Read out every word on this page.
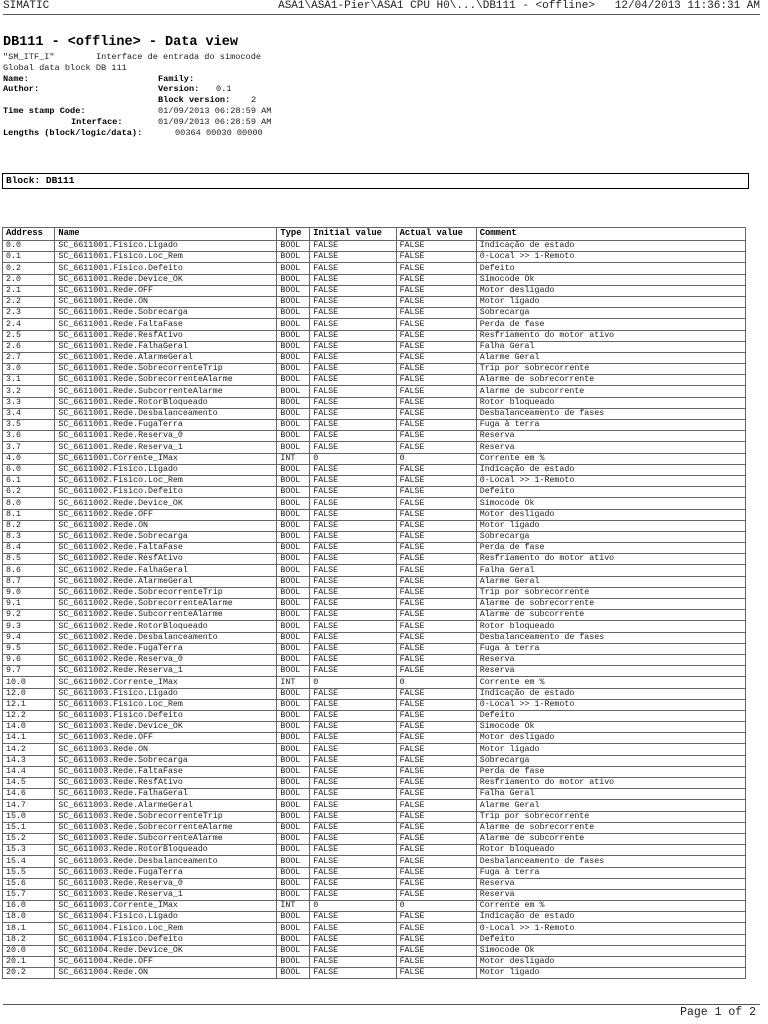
SIMATIC	ASA1\ASA1-Pier\ASA1 CPU H0\...\DB111 - <offline> 12/04/2013 11:36:31 AM
DB111 - <offline> - Data view
"SM_ITF_I"	Interface de entrada do simocode
Global data block DB 111
Name:	Family:
Author:	Version: 0.1
Block version: 2
Time stamp Code:	01/09/2013 06:28:59 AM
Interface:	01/09/2013 06:28:59 AM
Lengths (block/logic/data):	00364 00030 00000
Block: DB111
Address	Name	Type	Initial value	Actual value	Comment
0.0	SC_6611001.Fisico.Ligado	BOOL	FALSE	FALSE	Indicação de estado
0.1	SC_6611001.Fisico.Loc_Rem	BOOL	FALSE	FALSE	0-Local >> 1-Remoto
0.2	SC_6611001.Fisico.Defeito	BOOL	FALSE	FALSE	Defeito
2.0	SC_6611001.Rede.Device_OK	BOOL	FALSE	FALSE	Simocode Ok
2.1	SC_6611001.Rede.OFF	BOOL	FALSE	FALSE	Motor desligado
2.2	SC_6611001.Rede.ON	BOOL	FALSE	FALSE	Motor ligado
2.3	SC_6611001.Rede.Sobrecarga	BOOL	FALSE	FALSE	Sobrecarga
2.4	SC_6611001.Rede.FaltaFase	BOOL	FALSE	FALSE	Perda de fase
2.5	SC_6611001.Rede.ResfAtivo	BOOL	FALSE	FALSE	Resfriamento do motor ativo
2.6	SC_6611001.Rede.FalhaGeral	BOOL	FALSE	FALSE	Falha Geral
2.7	SC_6611001.Rede.AlarmeGeral	BOOL	FALSE	FALSE	Alarme Geral
3.0	SC_6611001.Rede.SobrecorrenteTrip	BOOL	FALSE	FALSE	Trip por sobrecorrente
3.1	SC_6611001.Rede.SobrecorrenteAlarme	BOOL	FALSE	FALSE	Alarme de sobrecorrente
3.2	SC_6611001.Rede.SubcorrenteAlarme	BOOL	FALSE	FALSE	Alarme de subcorrente
3.3	SC_6611001.Rede.RotorBloqueado	BOOL	FALSE	FALSE	Rotor bloqueado
3.4	SC_6611001.Rede.Desbalanceamento	BOOL	FALSE	FALSE	Desbalanceamento de fases
3.5	SC_6611001.Rede.FugaTerra	BOOL	FALSE	FALSE	Fuga à terra
3.6	SC_6611001.Rede.Reserva_0	BOOL	FALSE	FALSE	Reserva
3.7	SC_6611001.Rede.Reserva_1	BOOL	FALSE	FALSE	Reserva
4.0	SC_6611001.Corrente_IMax	INT	0	0	Corrente em %
6.0	SC_6611002.Fisico.Ligado	BOOL	FALSE	FALSE	Indicação de estado
6.1	SC_6611002.Fisico.Loc_Rem	BOOL	FALSE	FALSE	0-Local >> 1-Remoto
6.2	SC_6611002.Fisico.Defeito	BOOL	FALSE	FALSE	Defeito
8.0	SC_6611002.Rede.Device_OK	BOOL	FALSE	FALSE	Simocode Ok
8.1	SC_6611002.Rede.OFF	BOOL	FALSE	FALSE	Motor desligado
8.2	SC_6611002.Rede.ON	BOOL	FALSE	FALSE	Motor ligado
8.3	SC_6611002.Rede.Sobrecarga	BOOL	FALSE	FALSE	Sobrecarga
8.4	SC_6611002.Rede.FaltaFase	BOOL	FALSE	FALSE	Perda de fase
8.5	SC_6611002.Rede.ResfAtivo	BOOL	FALSE	FALSE	Resfriamento do motor ativo
8.6	SC_6611002.Rede.FalhaGeral	BOOL	FALSE	FALSE	Falha Geral
8.7	SC_6611002.Rede.AlarmeGeral	BOOL	FALSE	FALSE	Alarme Geral
9.0	SC_6611002.Rede.SobrecorrenteTrip	BOOL	FALSE	FALSE	Trip por sobrecorrente
9.1	SC_6611002.Rede.SobrecorrenteAlarme	BOOL	FALSE	FALSE	Alarme de sobrecorrente
9.2	SC_6611002.Rede.SubcorrenteAlarme	BOOL	FALSE	FALSE	Alarme de subcorrente
9.3	SC_6611002.Rede.RotorBloqueado	BOOL	FALSE	FALSE	Rotor bloqueado
9.4	SC_6611002.Rede.Desbalanceamento	BOOL	FALSE	FALSE	Desbalanceamento de fases
9.5	SC_6611002.Rede.FugaTerra	BOOL	FALSE	FALSE	Fuga à terra
9.6	SC_6611002.Rede.Reserva_0	BOOL	FALSE	FALSE	Reserva
9.7	SC_6611002.Rede.Reserva_1	BOOL	FALSE	FALSE	Reserva
10.0	SC_6611002.Corrente_IMax	INT	0	0	Corrente em %
12.0	SC_6611003.Fisico.Ligado	BOOL	FALSE	FALSE	Indicação de estado
12.1	SC_6611003.Fisico.Loc_Rem	BOOL	FALSE	FALSE	0-Local >> 1-Remoto
12.2	SC_6611003.Fisico.Defeito	BOOL	FALSE	FALSE	Defeito
14.0	SC_6611003.Rede.Device_OK	BOOL	FALSE	FALSE	Simocode Ok
14.1	SC_6611003.Rede.OFF	BOOL	FALSE	FALSE	Motor desligado
14.2	SC_6611003.Rede.ON	BOOL	FALSE	FALSE	Motor ligado
14.3	SC_6611003.Rede.Sobrecarga	BOOL	FALSE	FALSE	Sobrecarga
14.4	SC_6611003.Rede.FaltaFase	BOOL	FALSE	FALSE	Perda de fase
14.5	SC_6611003.Rede.ResfAtivo	BOOL	FALSE	FALSE	Resfriamento do motor ativo
14.6	SC_6611003.Rede.FalhaGeral	BOOL	FALSE	FALSE	Falha Geral
14.7	SC_6611003.Rede.AlarmeGeral	BOOL	FALSE	FALSE	Alarme Geral
15.0	SC_6611003.Rede.SobrecorrenteTrip	BOOL	FALSE	FALSE	Trip por sobrecorrente
15.1	SC_6611003.Rede.SobrecorrenteAlarme	BOOL	FALSE	FALSE	Alarme de sobrecorrente
15.2	SC_6611003.Rede.SubcorrenteAlarme	BOOL	FALSE	FALSE	Alarme de subcorrente
15.3	SC_6611003.Rede.RotorBloqueado	BOOL	FALSE	FALSE	Rotor bloqueado
15.4	SC_6611003.Rede.Desbalanceamento	BOOL	FALSE	FALSE	Desbalanceamento de fases
15.5	SC_6611003.Rede.FugaTerra	BOOL	FALSE	FALSE	Fuga à terra
15.6	SC_6611003.Rede.Reserva_0	BOOL	FALSE	FALSE	Reserva
15.7	SC_6611003.Rede.Reserva_1	BOOL	FALSE	FALSE	Reserva
16.0	SC_6611003.Corrente_IMax	INT	0	0	Corrente em %
18.0	SC_6611004.Fisico.Ligado	BOOL	FALSE	FALSE	Indicação de estado
18.1	SC_6611004.Fisico.Loc_Rem	BOOL	FALSE	FALSE	0-Local >> 1-Remoto
18.2	SC_6611004.Fisico.Defeito	BOOL	FALSE	FALSE	Defeito
20.0	SC_6611004.Rede.Device_OK	BOOL	FALSE	FALSE	Simocode Ok
20.1	SC_6611004.Rede.OFF	BOOL	FALSE	FALSE	Motor desligado
20.2	SC_6611004.Rede.ON	BOOL	FALSE	FALSE	Motor ligado
Page 1 of 2
